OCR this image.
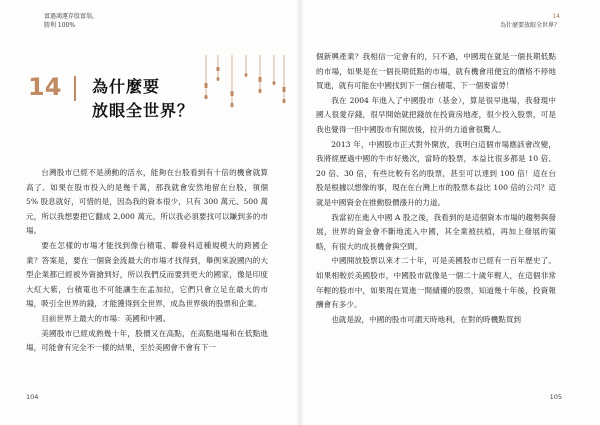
富過鴻運存股富翁，
勝利 100%
14 為什麼要
放眼全世界？

台灣股市已經不是湧動的活水，能夠在台股看到有十倍的機會就算高了。如果在股市投入的是幾千萬，那我就會安然地留在台股，領個 5% 股息就好，可惜的是，因為我的資本很少，只有 300 萬元、500 萬元，所以我想要把它翻成 2,000 萬元，所以我必須要找可以賺到多的市場。

要在怎樣的市場才能找到像台積電、聯發科這種規模大的跨國企業？答案是，要在一個資金流最大的市場才找得到，舉例來說國內的大型企業都已經被外資搶到好，所以我們反而要到更大的國家，像是印度大紅大紫，台積電也不可能讓生在孟加拉，它們只會立足在最大的市場，吸引全世界的錢，才能獲得到全世界，成為世界級的股票和企業。

目前世界上最大的市場：美國和中國。

美國股市已經成熟幾十年，股價又在高點，在高點進場和在低點進場，可能會有完全不一樣的結果，至於美國會不會有下一

104
14
為什麼要放眼全世界？

個新興產業？我相信一定會有的，只不過，中國現在就是一個長期低點的市場，如果是在一個長期低點的市場，就有機會用便宜的價格不停地買進，就有可能在中國找到下一個台積電、下一個麥當勞！

我在 2004 年進入了中國股市（基金），算是很早進場，我發現中國人很愛存錢，很早開始就把錢放在投資房地產，很少投入股票，可是我也覺得一但中國股市有開放後，拉升的力道會很驚人。

2013 年，中國股市正式對外開放，我明白這個市場應該會改變，我將經歷過中國的牛市好幾次，當時的股票，本益比很多都是 10 倍、20 倍、30 倍，有些比較有名的股票，甚至可以達到 100 倍！這在台股是根據以想像的事，現在在台灣上市的股票本益比 100 倍的公司？這就是中國資金在推動股價漲升的力道。

我當初在進入中國 A 股之後，我看到的是這個資本市場的趨勢與發展，世界的資金會不斷地流入中國，其全業被扶植，再加上發展的策略，有很大的成長機會與空間。

中國開放股票以來才二十年，可是美國股市已經有一百年歷史了。如果相較於美國股市，中國股市就像是一個二十歲年輕人，在這個非常年輕的股市中，如果現在買進一間績優的股票，知道幾十年後，投資報酬會有多少。

也就是說，中國的股市可謂天時地利，在對的時機點買到

105
